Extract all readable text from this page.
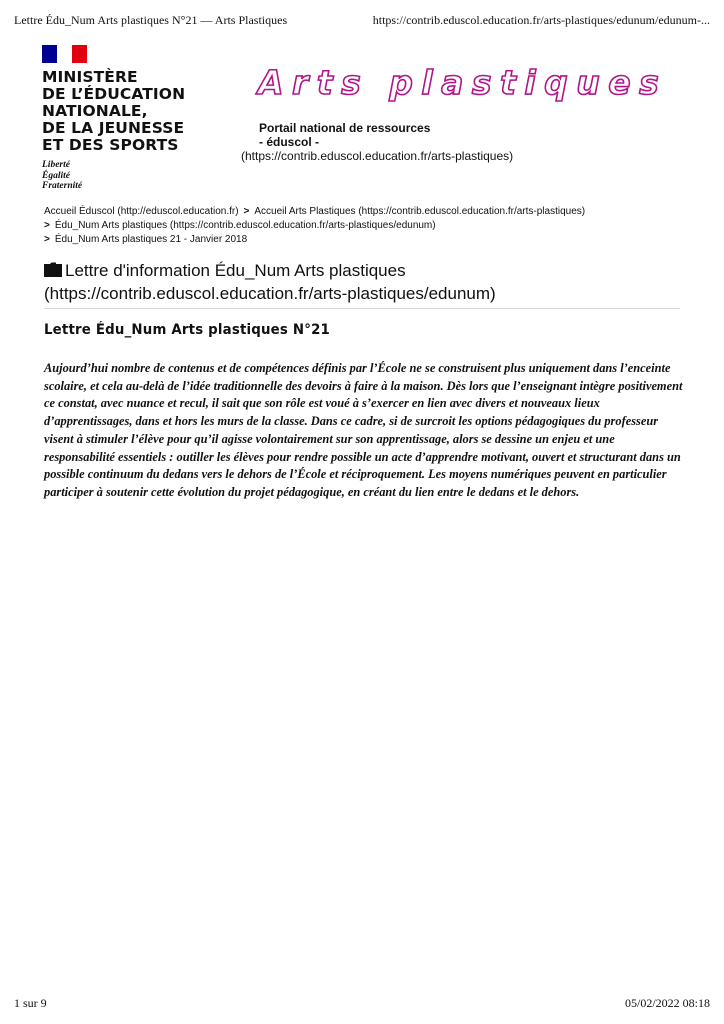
Lettre Édu_Num Arts plastiques N°21 — Arts Plastiques	https://contrib.eduscol.education.fr/arts-plastiques/edunum/edunum-...
MINISTÈRE
DE L’ÉDUCATION
NATIONALE,
DE LA JEUNESSE
ET DES SPORTS
Liberté
Égalité
Fraternité
Arts plastiques
Portail national de ressources
- éduscol -
(https://contrib.eduscol.education.fr/arts-plastiques)
Accueil Éduscol (http://eduscol.education.fr) > Accueil Arts Plastiques (https://contrib.eduscol.education.fr/arts-plastiques)
> Édu_Num Arts plastiques (https://contrib.eduscol.education.fr/arts-plastiques/edunum)
> Édu_Num Arts plastiques 21 - Janvier 2018
Lettre d'information Édu_Num Arts plastiques (https://contrib.eduscol.education.fr/arts-plastiques/edunum)
Lettre Édu_Num Arts plastiques N°21

Aujourd’hui nombre de contenus et de compétences définis par l’École ne se construisent plus uniquement dans l’enceinte scolaire, et cela au-delà de l’idée traditionnelle des devoirs à faire à la maison. Dès lors que l’enseignant intègre positivement ce constat, avec nuance et recul, il sait que son rôle est voué à s’exercer en lien avec divers et nouveaux lieux d’apprentissages, dans et hors les murs de la classe. Dans ce cadre, si de surcroit les options pédagogiques du professeur visent à stimuler l’élève pour qu’il agisse volontairement sur son apprentissage, alors se dessine un enjeu et une responsabilité essentiels : outiller les élèves pour rendre possible un acte d’apprendre motivant, ouvert et structurant dans un possible continuum du dedans vers le dehors de l’École et réciproquement. Les moyens numériques peuvent en particulier participer à soutenir cette évolution du projet pédagogique, en créant du lien entre le dedans et le dehors.

1 sur 9	05/02/2022 08:18
